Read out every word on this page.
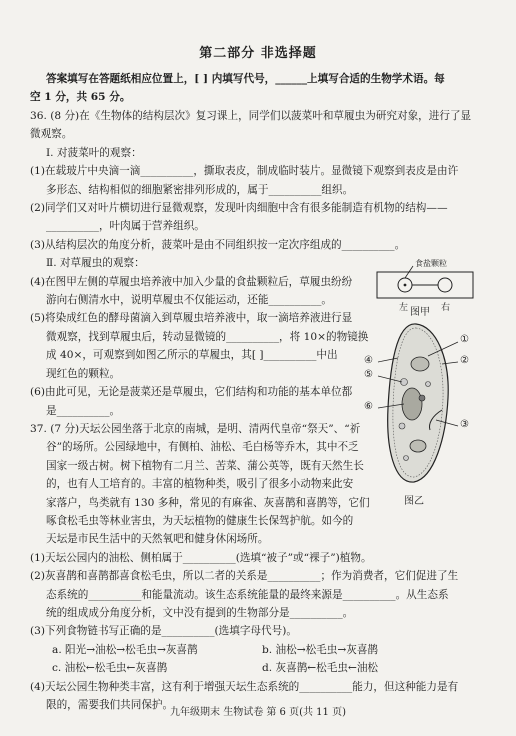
第二部分 非选择题
答案填写在答题纸相应位置上，[ ] 内填写代号，______上填写合适的生物学术语。每
空 1 分，共 65 分。
36. (8 分)在《生物体的结构层次》复习课上，同学们以菠菜叶和草履虫为研究对象，进行了显
微观察。
Ⅰ. 对菠菜叶的观察：
(1)在载玻片中央滴一滴__________，撕取表皮，制成临时装片。显微镜下观察到表皮是由许
多形态、结构相似的细胞紧密排列形成的，属于__________组织。
(2)同学们又对叶片横切进行显微观察，发现叶肉细胞中含有很多能制造有机物的结构——
__________，叶肉属于营养组织。
(3)从结构层次的角度分析，菠菜叶是由不同组织按一定次序组成的__________。
Ⅱ. 对草履虫的观察：
(4)在图甲左侧的草履虫培养液中加入少量的食盐颗粒后，草履虫纷纷
游向右侧清水中，说明草履虫不仅能运动，还能__________。
(5)将染成红色的酵母菌滴入到草履虫培养液中，取一滴培养液进行显
微观察，找到草履虫后，转动显微镜的__________，将 10×的物镜换
成 40×，可观察到如图乙所示的草履虫，其[ ]__________中出
现红色的颗粒。
(6)由此可见，无论是菠菜还是草履虫，它们结构和功能的基本单位都
是__________。
37. (7 分)天坛公园坐落于北京的南城，是明、清两代皇帝“祭天”、“祈
谷”的场所。公园绿地中，有侧柏、油松、毛白杨等乔木，其中不乏
国家一级古树。树下植物有二月兰、苦菜、蒲公英等，既有天然生长
的，也有人工培育的。丰富的植物种类，吸引了很多小动物来此安
家落户，鸟类就有 130 多种，常见的有麻雀、灰喜鹊和喜鹊等，它们
啄食松毛虫等林业害虫，为天坛植物的健康生长保驾护航。如今的
天坛是市民生活中的天然氧吧和健身休闲场所。
(1)天坛公园内的油松、侧柏属于__________(选填“被子”或“裸子”)植物。
(2)灰喜鹊和喜鹊都喜食松毛虫，所以二者的关系是__________；作为消费者，它们促进了生
态系统的__________和能量流动。该生态系统能量的最终来源是__________。从生态系
统的组成成分角度分析，文中没有提到的生物部分是__________。
(3)下列食物链书写正确的是__________(选填字母代号)。
a. 阳光→油松→松毛虫→灰喜鹊	b. 油松→松毛虫→灰喜鹊
c. 油松←松毛虫←灰喜鹊	d. 灰喜鹊←松毛虫←油松
(4)天坛公园生物种类丰富，这有利于增强天坛生态系统的__________能力，但这种能力是有
限的，需要我们共同保护。
食盐颗粒
左	右
图甲
①
②
③
④
⑤
⑥
图乙
九年级期末 生物试卷 第 6 页(共 11 页)
